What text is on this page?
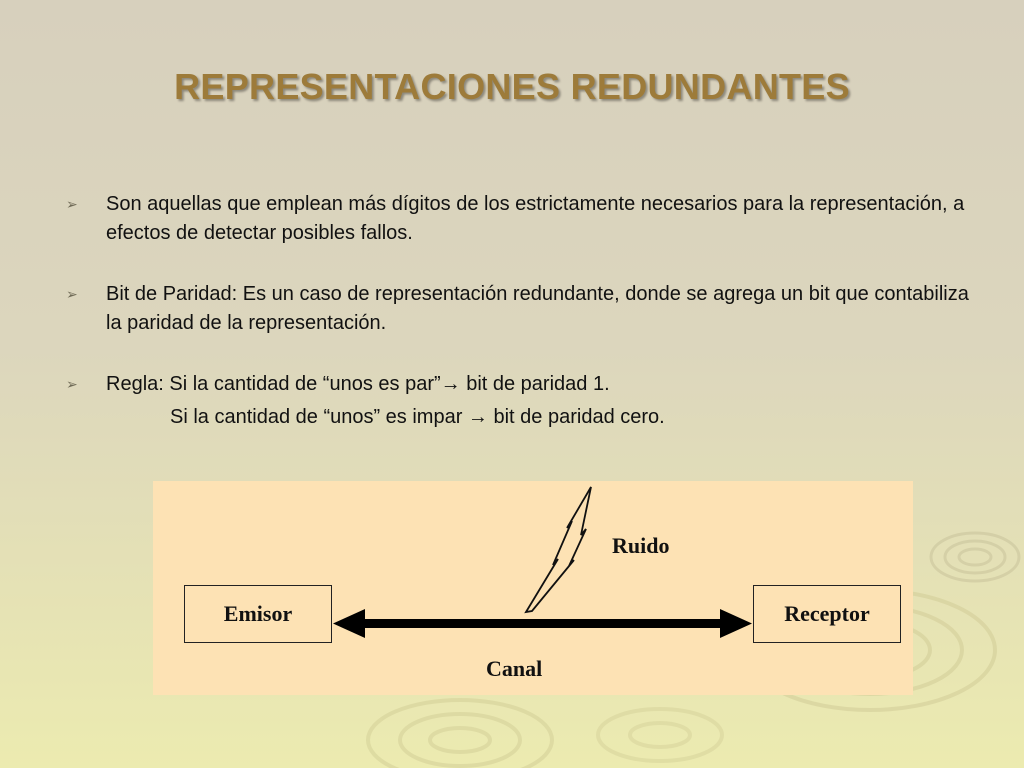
REPRESENTACIONES REDUNDANTES
➢ Son aquellas que emplean más dígitos de los estrictamente necesarios para la representación, a efectos de detectar posibles fallos.
➢ Bit de Paridad: Es un caso de representación redundante, donde se agrega un bit que contabiliza la paridad de la representación.
➢ Regla: Si la cantidad de “unos es par”→ bit de paridad 1.
Si la cantidad de “unos” es impar → bit de paridad cero.
Emisor	Receptor
Ruido
Canal
